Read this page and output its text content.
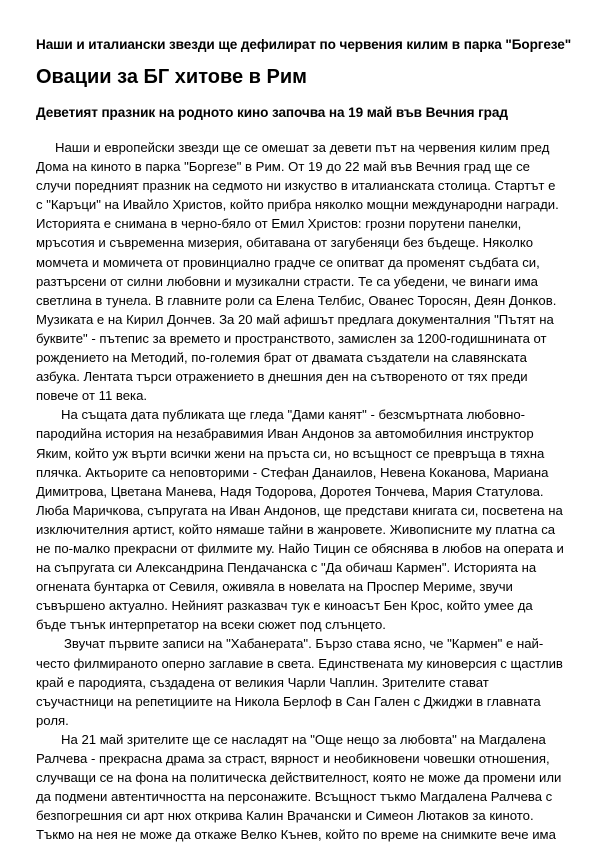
Наши и италиански звезди ще дефилират по червения килим в парка "Боргезе"
Овации за БГ хитове в Рим
Деветият празник на родното кино започва на 19 май във Вечния град

Наши и европейски звезди ще се омешат за девети път на червения килим пред Дома на киното в парка "Боргезе" в Рим. От 19 до 22 май във Вечния град ще се случи поредният празник на седмото ни изкуство в италианската столица. Стартът е с "Каръци" на Ивайло Христов, който прибра няколко мощни международни награди. Историята е снимана в черно-бяло от Емил Христов: грозни порутени панелки, мръсотия и съвременна мизерия, обитавана от загубеняци без бъдеще. Няколко момчета и момичета от провинциално градче се опитват да променят съдбата си, разтърсени от силни любовни и музикални страсти. Те са убедени, че винаги има светлина в тунела. В главните роли са Елена Телбис, Ованес Торосян, Деян Донков. Музиката е на Кирил Дончев. За 20 май афишът предлага документалния "Пътят на буквите" - пътепис за времето и пространството, замислен за 1200-годишнината от рождението на Методий, по-големия брат от двамата създатели на славянската азбука. Лентата търси отражението в днешния ден на сътвореното от тях преди повече от 11 века.

На същата дата публиката ще гледа "Дами канят" - безсмъртната любовно-пародийна история на незабравимия Иван Андонов за автомобилния инструктор Яким, който уж върти всички жени на пръста си, но всъщност се превръща в тяхна плячка. Актьорите са неповторими - Стефан Данаилов, Невена Коканова, Мариана Димитрова, Цветана Манева, Надя Тодорова, Доротея Тончева, Мария Статулова. Люба Маричкова, съпругата на Иван Андонов, ще представи книгата си, посветена на изключителния артист, който нямаше тайни в жанровете. Живописните му платна са не по-малко прекрасни от филмите му. Найо Тицин се обяснява в любов на операта и на съпругата си Александрина Пендачанска с "Да обичаш Кармен". Историята на огнената бунтарка от Севиля, оживяла в новелата на Проспер Мериме, звучи съвършено актуално. Нейният разказвач тук е киноасът Бен Крос, който умее да бъде тънък интерпретатор на всеки сюжет под слънцето.

Звучат първите записи на "Хабанерата". Бързо става ясно, че "Кармен" е най-често филмираното оперно заглавие в света. Единствената му киноверсия с щастлив край е пародията, създадена от великия Чарли Чаплин. Зрителите стават съучастници на репетициите на Никола Берлоф в Сан Гален с Джиджи в главната роля.

На 21 май зрителите ще се насладят на "Още нещо за любовта" на Магдалена Ралчева - прекрасна драма за страст, вярност и необикновени човешки отношения, случващи се на фона на политическа действителност, която не може да промени или да подмени автентичността на персонажите. Всъщност тъкмо Магдалена Ралчева с безпогрешния си арт нюх открива Калин Врачански и Симеон Лютаков за киното. Тъкмо на нея не може да откаже Велко Кънев, който по време на снимките вече има
